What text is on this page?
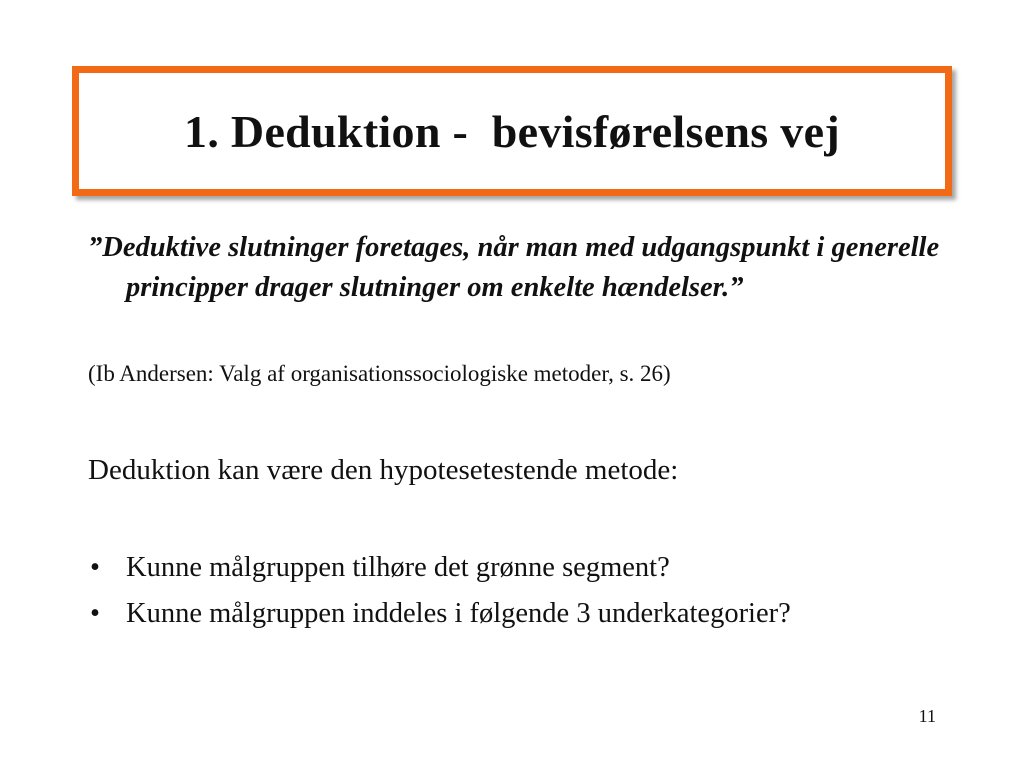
1. Deduktion -  bevisførelsens vej

”Deduktive slutninger foretages, når man med udgangspunkt i generelle principper drager slutninger om enkelte hændelser.”

(Ib Andersen: Valg af organisationssociologiske metoder, s. 26)

Deduktion kan være den hypotesetestende metode:

• Kunne målgruppen tilhøre det grønne segment?
• Kunne målgruppen inddeles i følgende 3 underkategorier?

11
